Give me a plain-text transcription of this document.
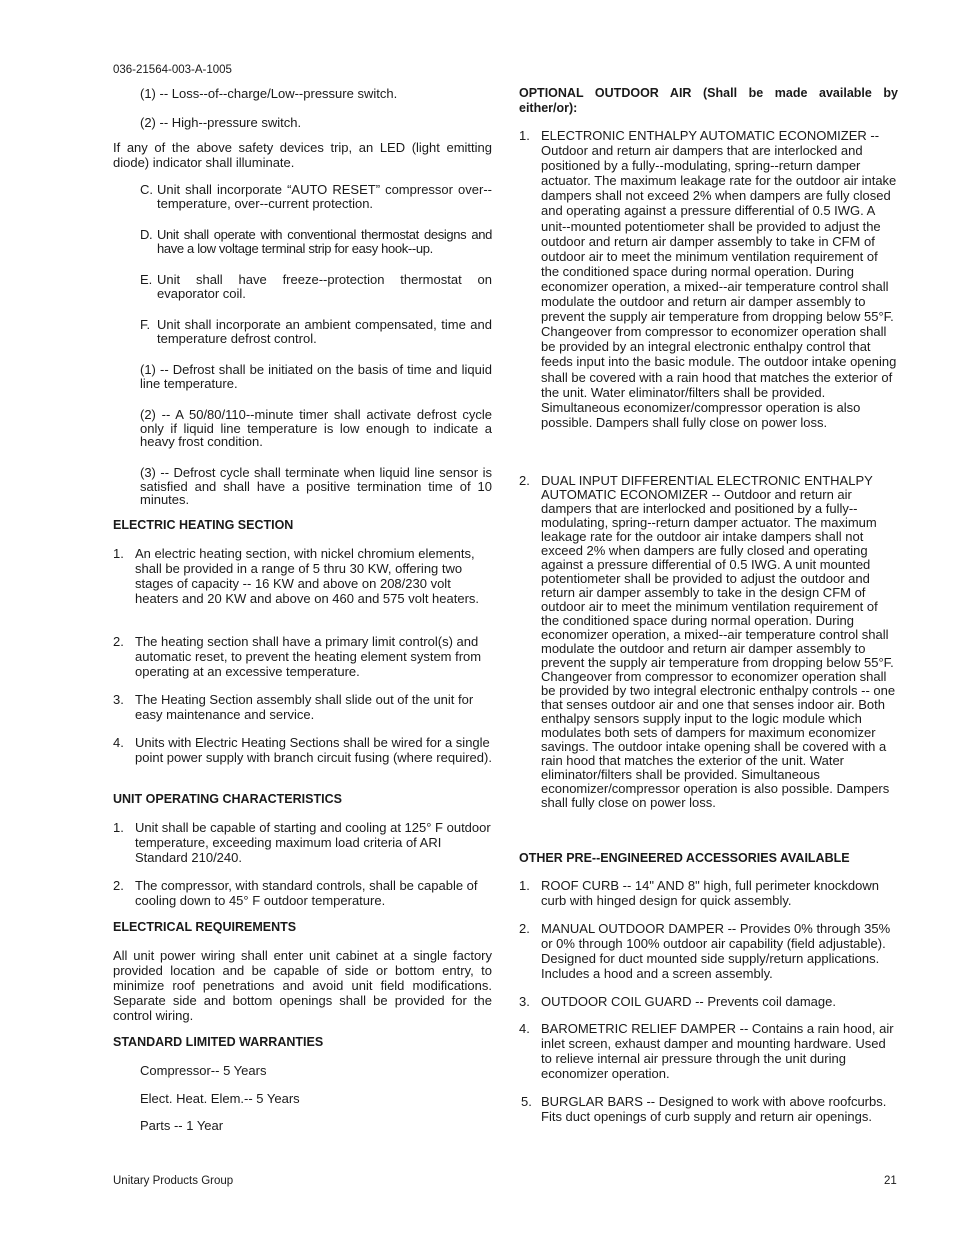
036-21564-003-A-1005

(1) -- Loss--of--charge/Low--pressure switch.

(2) -- High--pressure switch.

If any of the above safety devices trip, an LED (light emitting diode) indicator shall illuminate.

C. Unit shall incorporate “AUTO RESET” compressor over--temperature, over--current protection.
D. Unit shall operate with conventional thermostat designs and have a low voltage terminal strip for easy hook--up.
E. Unit shall have freeze--protection thermostat on evaporator coil.
F. Unit shall incorporate an ambient compensated, time and temperature defrost control.

(1) -- Defrost shall be initiated on the basis of time and liquid line temperature.

(2) -- A 50/80/110--minute timer shall activate defrost cycle only if liquid line temperature is low enough to indicate a heavy frost condition.

(3) -- Defrost cycle shall terminate when liquid line sensor is satisfied and shall have a positive termination time of 10 minutes.

ELECTRIC HEATING SECTION

1. An electric heating section, with nickel chromium elements, shall be provided in a range of 5 thru 30 KW, offering two stages of capacity -- 16 KW and above on 208/230 volt heaters and 20 KW and above on 460 and 575 volt heaters.
2. The heating section shall have a primary limit control(s) and automatic reset, to prevent the heating element system from operating at an excessive temperature.
3. The Heating Section assembly shall slide out of the unit for easy maintenance and service.
4. Units with Electric Heating Sections shall be wired for a single point power supply with branch circuit fusing (where required).

UNIT OPERATING CHARACTERISTICS

1. Unit shall be capable of starting and cooling at 125° F outdoor temperature, exceeding maximum load criteria of ARI Standard 210/240.
2. The compressor, with standard controls, shall be capable of cooling down to 45° F outdoor temperature.

ELECTRICAL REQUIREMENTS

All unit power wiring shall enter unit cabinet at a single factory provided location and be capable of side or bottom entry, to minimize roof penetrations and avoid unit field modifications. Separate side and bottom openings shall be provided for the control wiring.

STANDARD LIMITED WARRANTIES

Compressor-- 5 Years

Elect. Heat. Elem.-- 5 Years

Parts -- 1 Year

OPTIONAL OUTDOOR AIR (Shall be made available by either/or):

1. ELECTRONIC ENTHALPY AUTOMATIC ECONOMIZER -- Outdoor and return air dampers that are interlocked and positioned by a fully--modulating, spring--return damper actuator. The maximum leakage rate for the outdoor air intake dampers shall not exceed 2% when dampers are fully closed and operating against a pressure differential of 0.5 IWG. A unit--mounted potentiometer shall be provided to adjust the outdoor and return air damper assembly to take in CFM of outdoor air to meet the minimum ventilation requirement of the conditioned space during normal operation. During economizer operation, a mixed--air temperature control shall modulate the outdoor and return air damper assembly to prevent the supply air temperature from dropping below 55°F. Changeover from compressor to economizer operation shall be provided by an integral electronic enthalpy control that feeds input into the basic module. The outdoor intake opening shall be covered with a rain hood that matches the exterior of the unit. Water eliminator/filters shall be provided. Simultaneous economizer/compressor operation is also possible. Dampers shall fully close on power loss.
2. DUAL INPUT DIFFERENTIAL ELECTRONIC ENTHALPY AUTOMATIC ECONOMIZER -- Outdoor and return air dampers that are interlocked and positioned by a fully--modulating, spring--return damper actuator. The maximum leakage rate for the outdoor air intake dampers shall not exceed 2% when dampers are fully closed and operating against a pressure differential of 0.5 IWG. A unit mounted potentiometer shall be provided to adjust the outdoor and return air damper assembly to take in the design CFM of outdoor air to meet the minimum ventilation requirement of the conditioned space during normal operation. During economizer operation, a mixed--air temperature control shall modulate the outdoor and return air damper assembly to prevent the supply air temperature from dropping below 55°F. Changeover from compressor to economizer operation shall be provided by two integral electronic enthalpy controls -- one that senses outdoor air and one that senses indoor air. Both enthalpy sensors supply input to the logic module which modulates both sets of dampers for maximum economizer savings. The outdoor intake opening shall be covered with a rain hood that matches the exterior of the unit. Water eliminator/filters shall be provided. Simultaneous economizer/compressor operation is also possible. Dampers shall fully close on power loss.

OTHER PRE--ENGINEERED ACCESSORIES AVAILABLE

1. ROOF CURB -- 14" AND 8" high, full perimeter knockdown curb with hinged design for quick assembly.
2. MANUAL OUTDOOR DAMPER -- Provides 0% through 35% or 0% through 100% outdoor air capability (field adjustable). Designed for duct mounted side supply/return applications. Includes a hood and a screen assembly.
3. OUTDOOR COIL GUARD -- Prevents coil damage.
4. BAROMETRIC RELIEF DAMPER -- Contains a rain hood, air inlet screen, exhaust damper and mounting hardware. Used to relieve internal air pressure through the unit during economizer operation.
5. BURGLAR BARS -- Designed to work with above roofcurbs. Fits duct openings of curb supply and return air openings.
Unitary Products Group	21
